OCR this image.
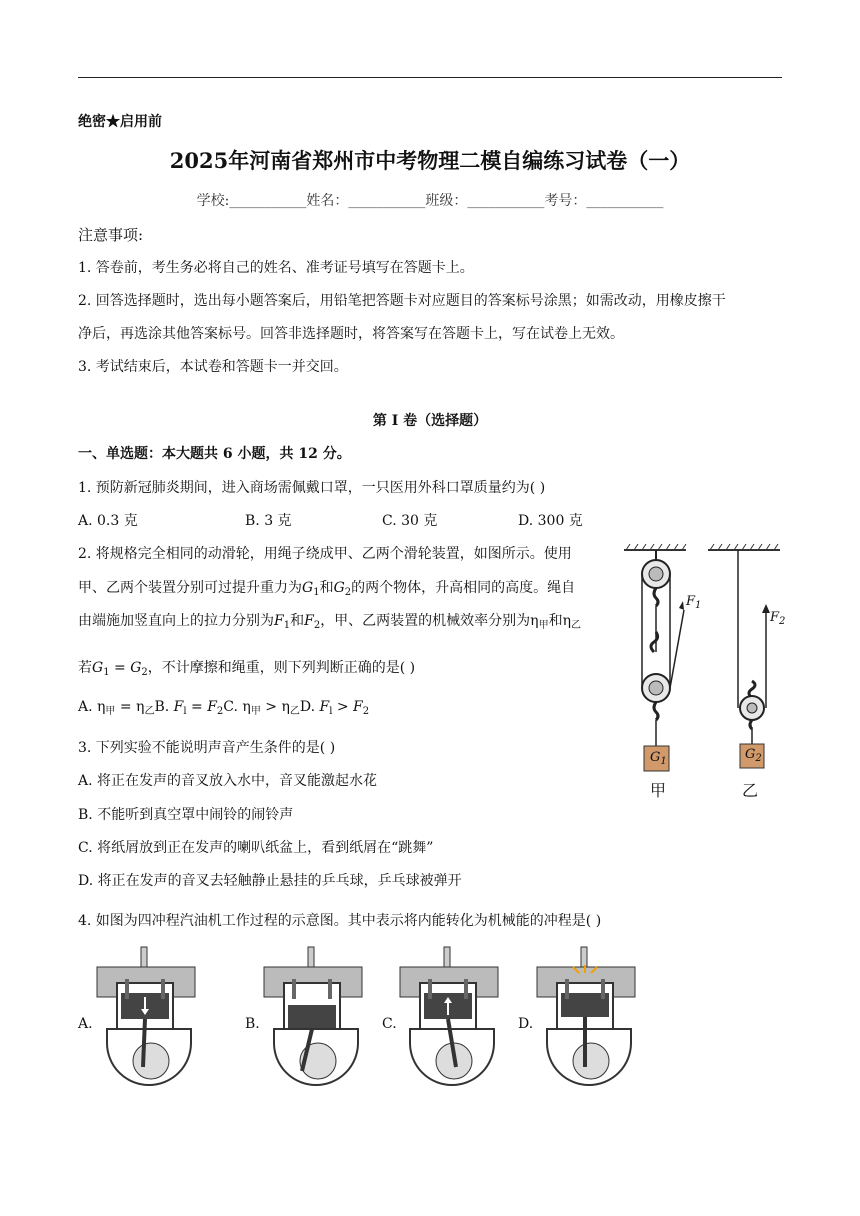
绝密★启用前
2025年河南省郑州市中考物理二模自编练习试卷（一）
学校:___________姓名：___________班级：___________考号：___________
注意事项:
1. 答卷前，考生务必将自己的姓名、准考证号填写在答题卡上。
2. 回答选择题时，选出每小题答案后，用铅笔把答题卡对应题目的答案标号涂黑；如需改动，用橡皮擦干
净后，再选涂其他答案标号。回答非选择题时，将答案写在答题卡上，写在试卷上无效。
3. 考试结束后，本试卷和答题卡一并交回。
第 I 卷（选择题）
一、单选题：本大题共 6 小题，共 12 分。
1. 预防新冠肺炎期间，进入商场需佩戴口罩，一只医用外科口罩质量约为( )
A. 0.3 克	B. 3 克	C. 30 克	D. 300 克
2. 将规格完全相同的动滑轮，用绳子绕成甲、乙两个滑轮装置，如图所示。使用
甲、乙两个装置分别可过提升重力为$G_1$和$G_2$的两个物体，升高相同的高度。绳自
由端施加竖直向上的拉力分别为$F_1$和$F_2$，甲、乙两装置的机械效率分别为$\eta_甲$和$\eta_乙$
若$G_1 = G_2$，不计摩擦和绳重，则下列判断正确的是( )
A. $\eta_甲 = \eta_乙B$. $F_l = F_2C$. $\eta_甲 > \eta_乙D$. $F_l > F_2$
$F_1$
$F_2$
$G_1$	$G_2$
甲	乙
3. 下列实验不能说明声音产生条件的是( )
A. 将正在发声的音叉放入水中，音叉能激起水花
B. 不能听到真空罩中闹铃的闹铃声
C. 将纸屑放到正在发声的喇叭纸盆上，看到纸屑在“跳舞”
D. 将正在发声的音叉去轻触静止悬挂的乒乓球，乒乓球被弹开
4. 如图为四冲程汽油机工作过程的示意图。其中表示将内能转化为机械能的冲程是( )
A.	B.	C.	D.
